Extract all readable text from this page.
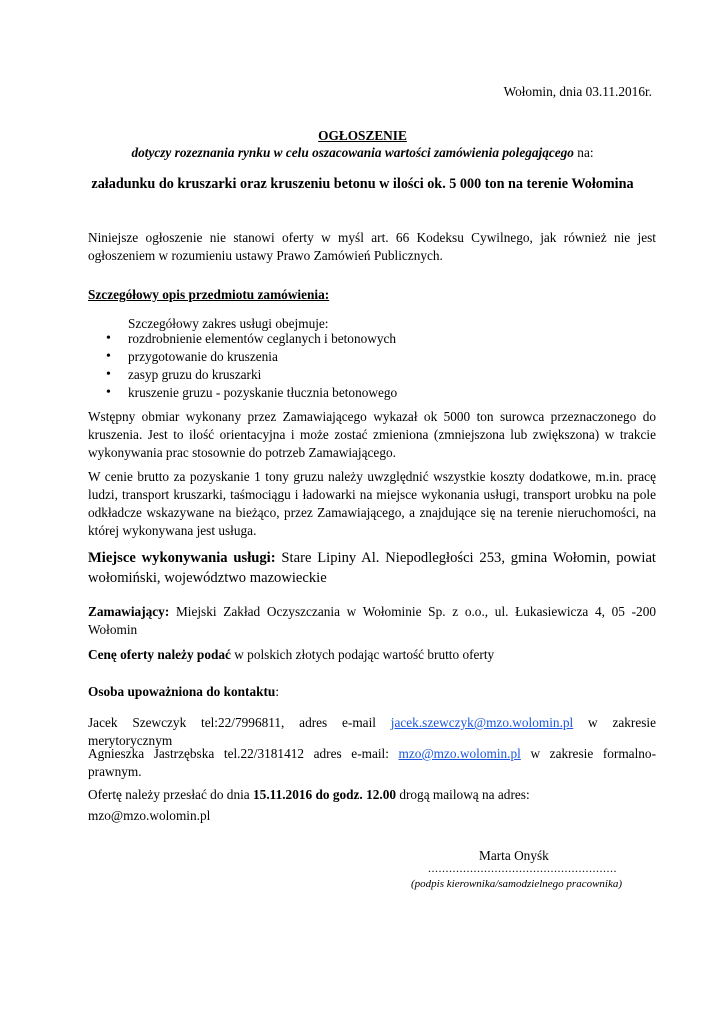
Wołomin, dnia 03.11.2016r.
OGŁOSZENIE
dotyczy rozeznania rynku w celu oszacowania wartości zamówienia polegającego na:
załadunku do kruszarki oraz kruszeniu betonu w ilości ok. 5 000 ton na terenie Wołomina
Niniejsze ogłoszenie nie stanowi oferty w myśl art. 66 Kodeksu Cywilnego, jak również nie jest ogłoszeniem w rozumieniu ustawy Prawo Zamówień Publicznych.
Szczegółowy opis przedmiotu zamówienia:
Szczegółowy zakres usługi obejmuje:
• rozdrobnienie elementów ceglanych i betonowych
• przygotowanie do kruszenia
• zasyp gruzu do kruszarki
• kruszenie gruzu - pozyskanie tłucznia betonowego
Wstępny obmiar wykonany przez Zamawiającego wykazał ok 5000 ton surowca przeznaczonego do kruszenia. Jest to ilość orientacyjna i może zostać zmieniona (zmniejszona lub zwiększona) w trakcie wykonywania prac stosownie do potrzeb Zamawiającego.
W cenie brutto za pozyskanie 1 tony gruzu należy uwzględnić wszystkie koszty dodatkowe, m.in. pracę ludzi, transport kruszarki, taśmociągu i ładowarki na miejsce wykonania usługi, transport urobku na pole odkładcze wskazywane na bieżąco, przez Zamawiającego, a znajdujące się na terenie nieruchomości, na której wykonywana jest usługa.
Miejsce wykonywania usługi: Stare Lipiny Al. Niepodległości 253, gmina Wołomin, powiat wołomiński, województwo mazowieckie
Zamawiający: Miejski Zakład Oczyszczania w Wołominie Sp. z o.o., ul. Łukasiewicza 4, 05 -200 Wołomin
Cenę oferty należy podać w polskich złotych podając wartość brutto oferty
Osoba upoważniona do kontaktu:
Jacek Szewczyk tel:22/7996811, adres e-mail jacek.szewczyk@mzo.wolomin.pl w zakresie merytorycznym
Agnieszka Jastrzębska tel.22/3181412 adres e-mail: mzo@mzo.wolomin.pl w zakresie formalno-prawnym.
Ofertę należy przesłać do dnia 15.11.2016 do godz. 12.00 drogą mailową na adres:
mzo@mzo.wolomin.pl
Marta Onyśk
......................................................
(podpis kierownika/samodzielnego pracownika)
